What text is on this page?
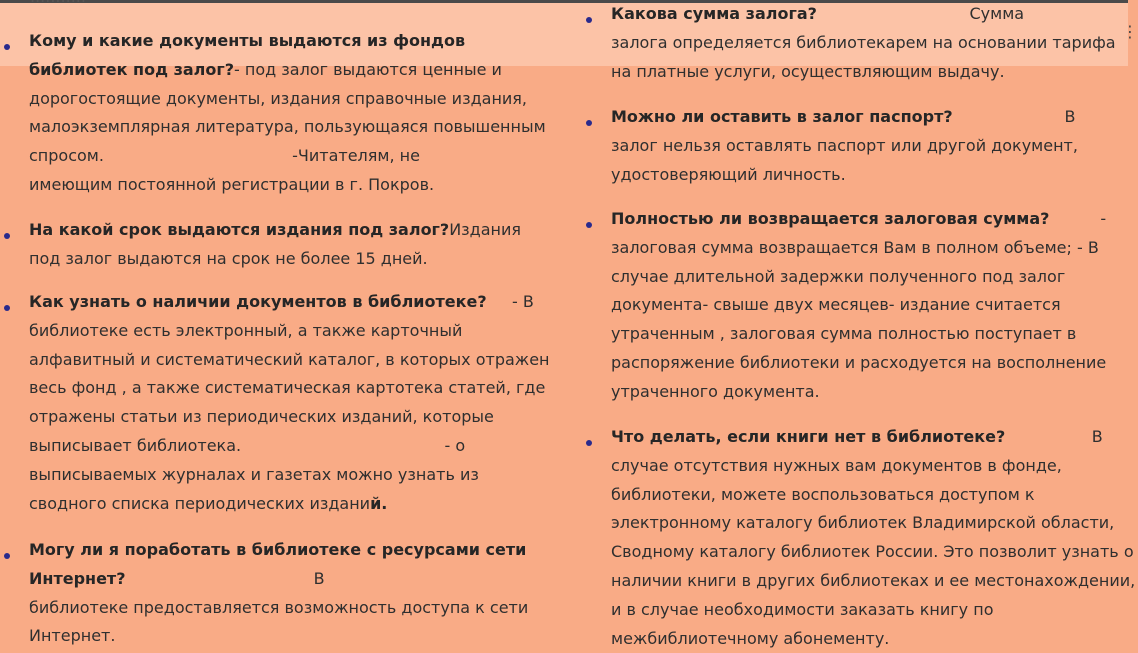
⋮
Кому и какие документы выдаются из фондов
библиотек под залог?- под залог выдаются ценные и
дорогостоящие документы, издания справочные издания,
малоэкземплярная литература, пользующаяся повышенным
спросом.                                     -Читателям, не
имеющим постоянной регистрации в г. Покров.
На какой срок выдаются издания под залог?Издания
под залог выдаются на срок не более 15 дней.
Как узнать о наличии документов в библиотеке?     - В
библиотеке есть электронный, а также карточный
алфавитный и систематический каталог, в которых отражен
весь фонд , а также систематическая картотека статей, где
отражены статьи из периодических изданий, которые
выписывает библиотека.                                        - о
выписываемых журналах и газетах можно узнать из
сводного списка периодических изданий.
Могу ли я поработать в библиотеке с ресурсами сети
Интернет?                                     В
библиотеке предоставляется возможность доступа к сети
Интернет.
Какова сумма залога?                              Сумма
залога определяется библиотекарем на основании тарифа
на платные услуги, осуществляющим выдачу.
Можно ли оставить в залог паспорт?                      В
залог нельзя оставлять паспорт или другой документ,
удостоверяющий личность.
Полностью ли возвращается залоговая сумма?          -
залоговая сумма возвращается Вам в полном объеме; - В
случае длительной задержки полученного под залог
документа- свыше двух месяцев- издание считается
утраченным , залоговая сумма полностью поступает в
распоряжение библиотеки и расходуется на восполнение
утраченного документа.
Что делать, если книги нет в библиотеке?                 В
случае отсутствия нужных вам документов в фонде,
библиотеки, можете воспользоваться доступом к
электронному каталогу библиотек Владимирской области,
Сводному каталогу библиотек России. Это позволит узнать о
наличии книги в других библиотеках и ее местонахождении,
и в случае необходимости заказать книгу по
межбиблиотечному абонементу.
